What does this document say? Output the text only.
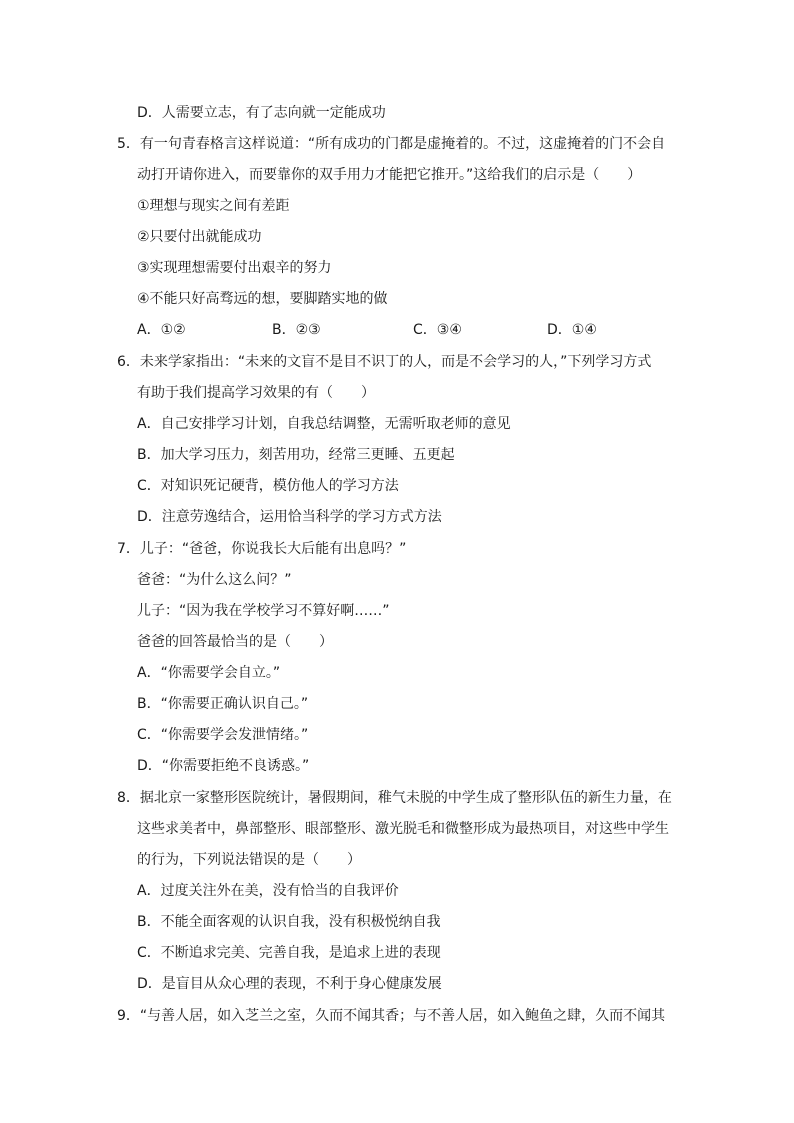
D．人需要立志，有了志向就一定能成功
5．有一句青春格言这样说道：“所有成功的门都是虚掩着的。不过，这虚掩着的门不会自
动打开请你进入，而要靠你的双手用力才能把它推开。”这给我们的启示是（　　）
①理想与现实之间有差距
②只要付出就能成功
③实现理想需要付出艰辛的努力
④不能只好高骛远的想，要脚踏实地的做
A．①②	B．②③	C．③④	D．①④
6．未来学家指出：“未来的文盲不是目不识丁的人，而是不会学习的人，”下列学习方式
有助于我们提高学习效果的有（　　）
A．自己安排学习计划，自我总结调整，无需听取老师的意见
B．加大学习压力，刻苦用功，经常三更睡、五更起
C．对知识死记硬背，模仿他人的学习方法
D．注意劳逸结合，运用恰当科学的学习方式方法
7．儿子：“爸爸，你说我长大后能有出息吗？”
爸爸：“为什么这么问？”
儿子：“因为我在学校学习不算好啊……”
爸爸的回答最恰当的是（　　）
A．“你需要学会自立。”
B．“你需要正确认识自己。”
C．“你需要学会发泄情绪。”
D．“你需要拒绝不良诱惑。”
8．据北京一家整形医院统计，暑假期间，稚气未脱的中学生成了整形队伍的新生力量，在
这些求美者中，鼻部整形、眼部整形、激光脱毛和微整形成为最热项目，对这些中学生
的行为，下列说法错误的是（　　）
A．过度关注外在美，没有恰当的自我评价
B．不能全面客观的认识自我，没有积极悦纳自我
C．不断追求完美、完善自我，是追求上进的表现
D．是盲目从众心理的表现，不利于身心健康发展
9．“与善人居，如入芝兰之室，久而不闻其香；与不善人居，如入鲍鱼之肆，久而不闻其
